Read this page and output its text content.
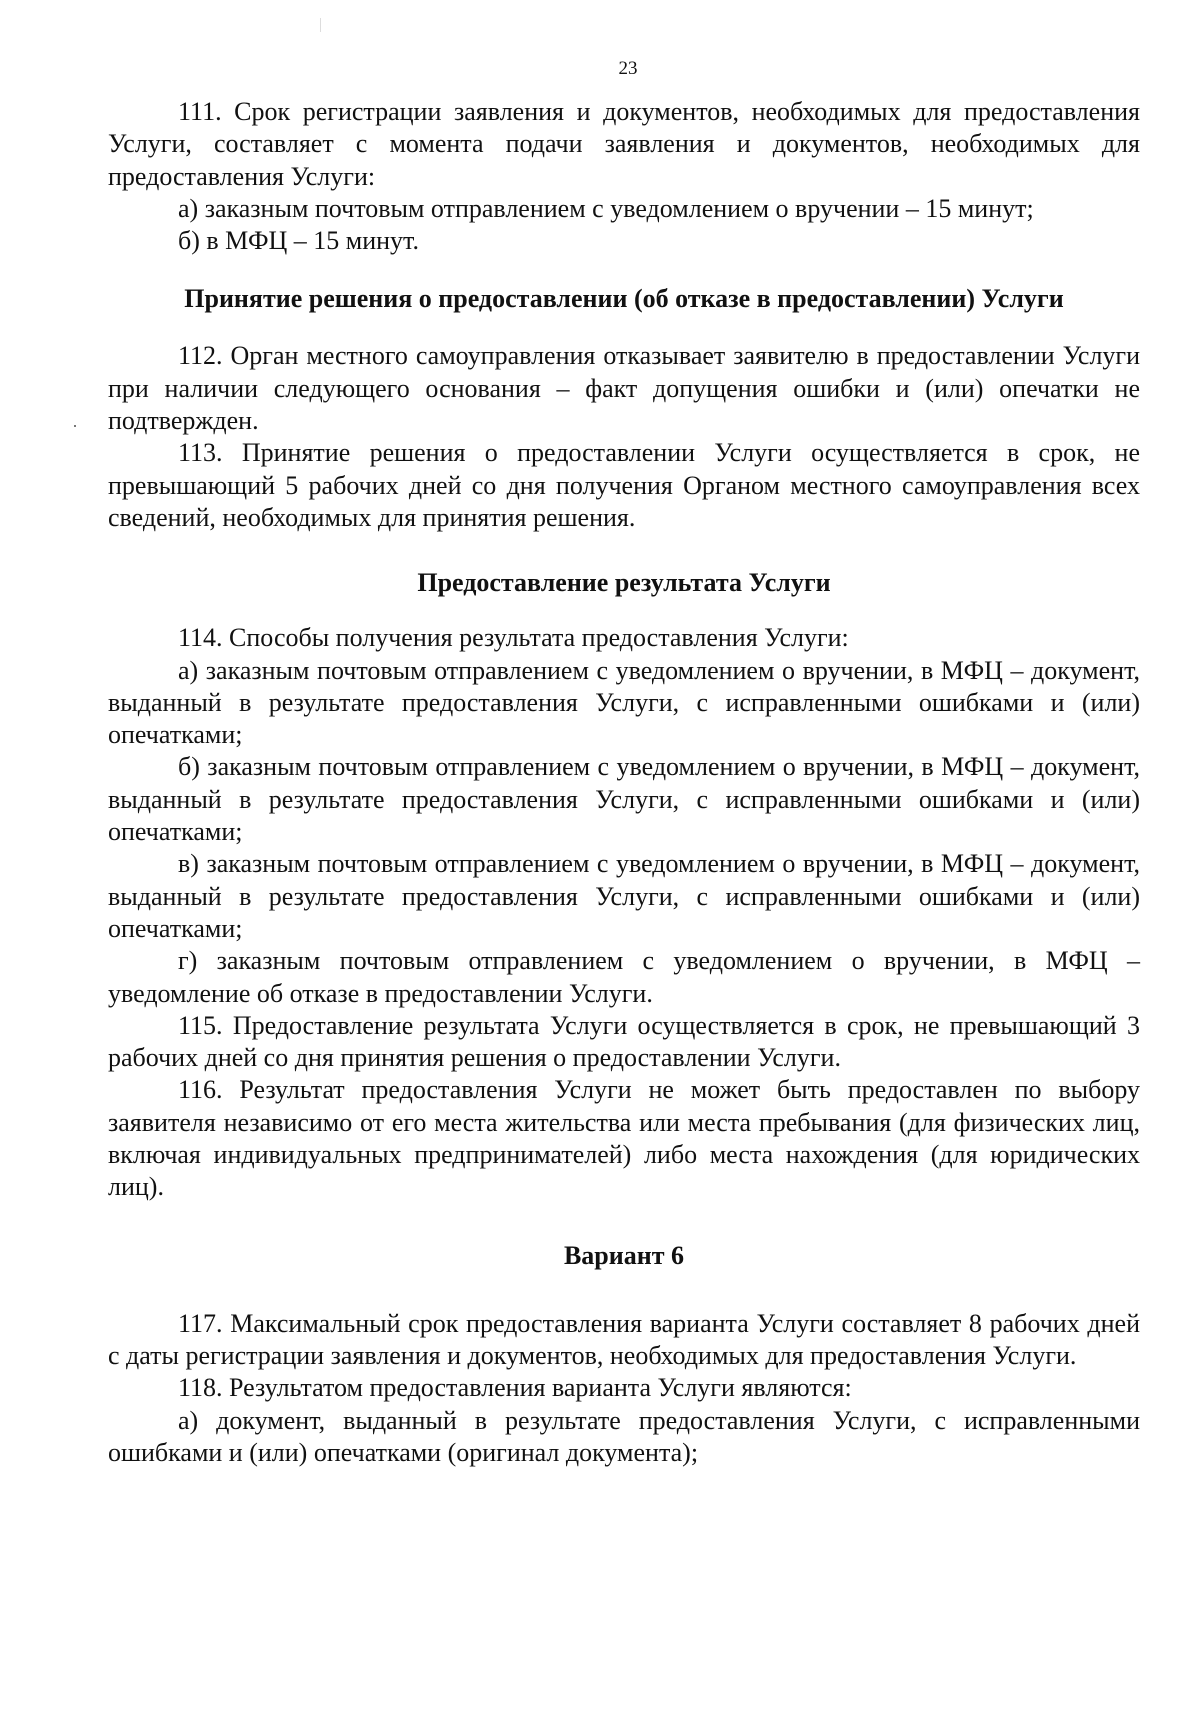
23

111. Срок регистрации заявления и документов, необходимых для предоставления Услуги, составляет с момента подачи заявления и документов, необходимых для предоставления Услуги:

а) заказным почтовым отправлением с уведомлением о вручении – 15 минут;

б) в МФЦ – 15 минут.

Принятие решения о предоставлении (об отказе в предоставлении) Услуги

112. Орган местного самоуправления отказывает заявителю в предоставлении Услуги при наличии следующего основания – факт допущения ошибки и (или) опечатки не подтвержден.

113. Принятие решения о предоставлении Услуги осуществляется в срок, не превышающий 5 рабочих дней со дня получения Органом местного самоуправления всех сведений, необходимых для принятия решения.

Предоставление результата Услуги

114. Способы получения результата предоставления Услуги:

а) заказным почтовым отправлением с уведомлением о вручении, в МФЦ – документ, выданный в результате предоставления Услуги, с исправленными ошибками и (или) опечатками;

б) заказным почтовым отправлением с уведомлением о вручении, в МФЦ – документ, выданный в результате предоставления Услуги, с исправленными ошибками и (или) опечатками;

в) заказным почтовым отправлением с уведомлением о вручении, в МФЦ – документ, выданный в результате предоставления Услуги, с исправленными ошибками и (или) опечатками;

г) заказным почтовым отправлением с уведомлением о вручении, в МФЦ – уведомление об отказе в предоставлении Услуги.

115. Предоставление результата Услуги осуществляется в срок, не превышающий 3 рабочих дней со дня принятия решения о предоставлении Услуги.

116. Результат предоставления Услуги не может быть предоставлен по выбору заявителя независимо от его места жительства или места пребывания (для физических лиц, включая индивидуальных предпринимателей) либо места нахождения (для юридических лиц).

Вариант 6

117. Максимальный срок предоставления варианта Услуги составляет 8 рабочих дней с даты регистрации заявления и документов, необходимых для предоставления Услуги.

118. Результатом предоставления варианта Услуги являются:

а) документ, выданный в результате предоставления Услуги, с исправленными ошибками и (или) опечатками (оригинал документа);
